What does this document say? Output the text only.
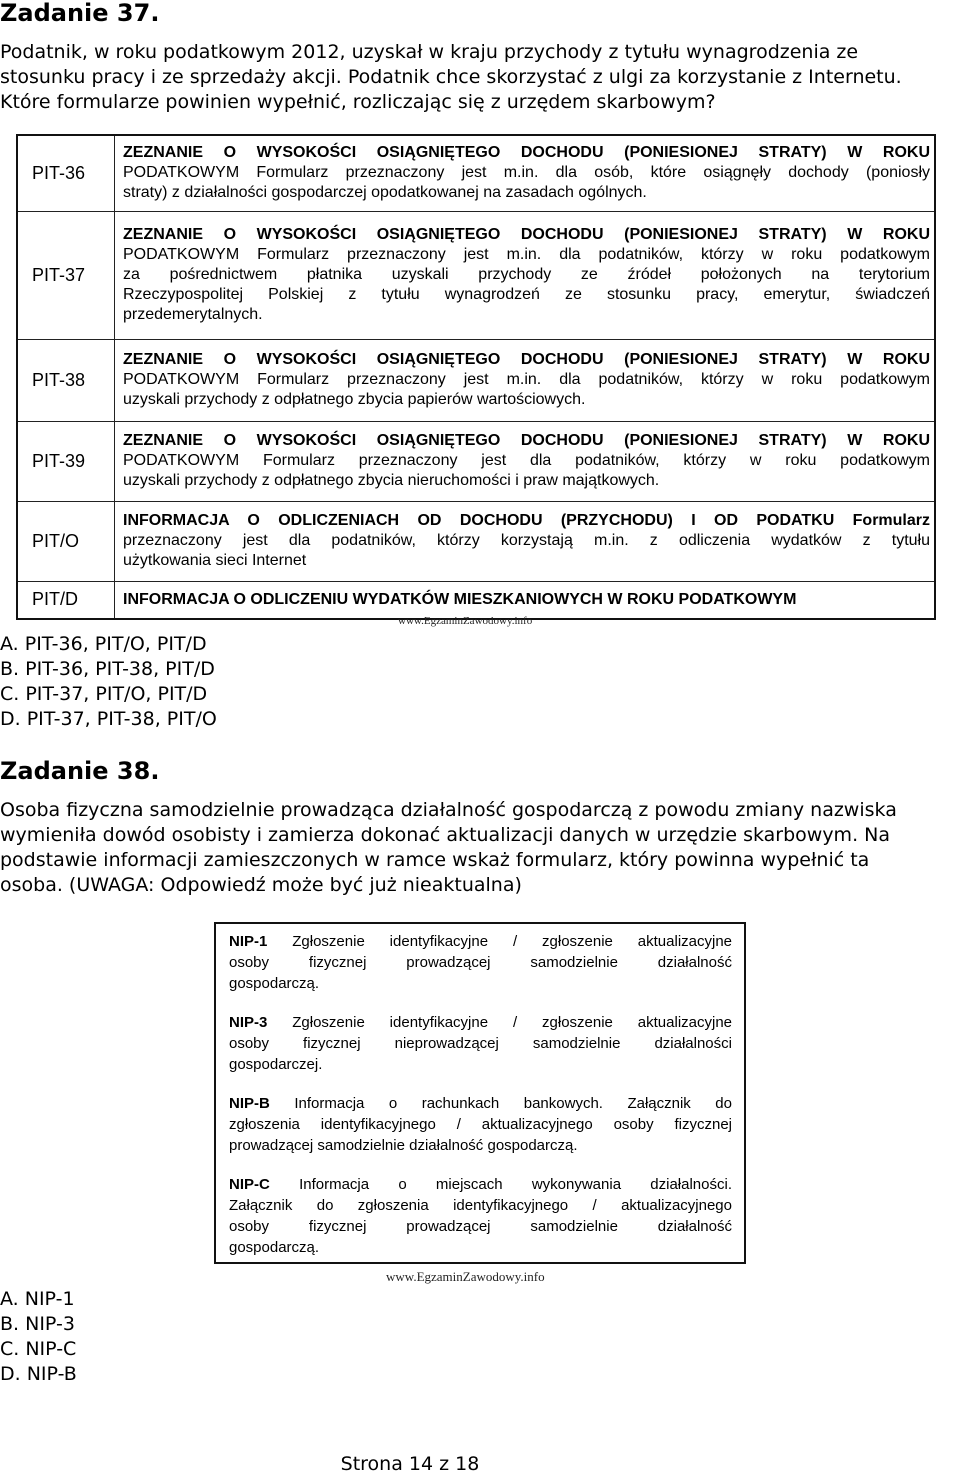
Zadanie 37.

Podatnik, w roku podatkowym 2012, uzyskał w kraju przychody z tytułu wynagrodzenia ze
stosunku pracy i ze sprzedaży akcji. Podatnik chce skorzystać z ulgi za korzystanie z Internetu.
Które formularze powinien wypełnić, rozliczając się z urzędem skarbowym?

PIT-36	ZEZNANIE O WYSOKOŚCI OSIĄGNIĘTEGO DOCHODU (PONIESIONEJ STRATY) W ROKU
PODATKOWYM Formularz przeznaczony jest m.in. dla osób, które osiągnęły dochody (poniosły
straty) z działalności gospodarczej opodatkowanej na zasadach ogólnych.

PIT-37	ZEZNANIE O WYSOKOŚCI OSIĄGNIĘTEGO DOCHODU (PONIESIONEJ STRATY) W ROKU
PODATKOWYM Formularz przeznaczony jest m.in. dla podatników, którzy w roku podatkowym
za pośrednictwem płatnika uzyskali przychody ze źródeł położonych na terytorium
Rzeczypospolitej Polskiej z tytułu wynagrodzeń ze stosunku pracy, emerytur, świadczeń
przedemerytalnych.

PIT-38	ZEZNANIE O WYSOKOŚCI OSIĄGNIĘTEGO DOCHODU (PONIESIONEJ STRATY) W ROKU
PODATKOWYM Formularz przeznaczony jest m.in. dla podatników, którzy w roku podatkowym
uzyskali przychody z odpłatnego zbycia papierów wartościowych.

PIT-39	ZEZNANIE O WYSOKOŚCI OSIĄGNIĘTEGO DOCHODU (PONIESIONEJ STRATY) W ROKU
PODATKOWYM Formularz przeznaczony jest dla podatników, którzy w roku podatkowym
uzyskali przychody z odpłatnego zbycia nieruchomości i praw majątkowych.

PIT/O	INFORMACJA O ODLICZENIACH OD DOCHODU (PRZYCHODU) I OD PODATKU Formularz
przeznaczony jest dla podatników, którzy korzystają m.in. z odliczenia wydatków z tytułu
użytkowania sieci Internet

PIT/D	INFORMACJA O ODLICZENIU WYDATKÓW MIESZKANIOWYCH W ROKU PODATKOWYM
www.EgzaminZawodowy.info
A. PIT-36, PIT/O, PIT/D
B. PIT-36, PIT-38, PIT/D
C. PIT-37, PIT/O, PIT/D
D. PIT-37, PIT-38, PIT/O
Zadanie 38.

Osoba fizyczna samodzielnie prowadząca działalność gospodarczą z powodu zmiany nazwiska
wymieniła dowód osobisty i zamierza dokonać aktualizacji danych w urzędzie skarbowym. Na
podstawie informacji zamieszczonych w ramce wskaż formularz, który powinna wypełnić ta
osoba. (UWAGA: Odpowiedź może być już nieaktualna)

NIP-1 Zgłoszenie identyfikacyjne / zgłoszenie aktualizacyjne
osoby fizycznej prowadzącej samodzielnie działalność
gospodarczą.
NIP-3 Zgłoszenie identyfikacyjne / zgłoszenie aktualizacyjne
osoby fizycznej nieprowadzącej samodzielnie działalności
gospodarczej.
NIP-B Informacja o rachunkach bankowych. Załącznik do
zgłoszenia identyfikacyjnego / aktualizacyjnego osoby fizycznej
prowadzącej samodzielnie działalność gospodarczą.
NIP-C Informacja o miejscach wykonywania działalności.
Załącznik do zgłoszenia identyfikacyjnego / aktualizacyjnego
osoby fizycznej prowadzącej samodzielnie działalność
gospodarczą.
www.EgzaminZawodowy.info
A. NIP-1
B. NIP-3
C. NIP-C
D. NIP-B
Strona 14 z 18
